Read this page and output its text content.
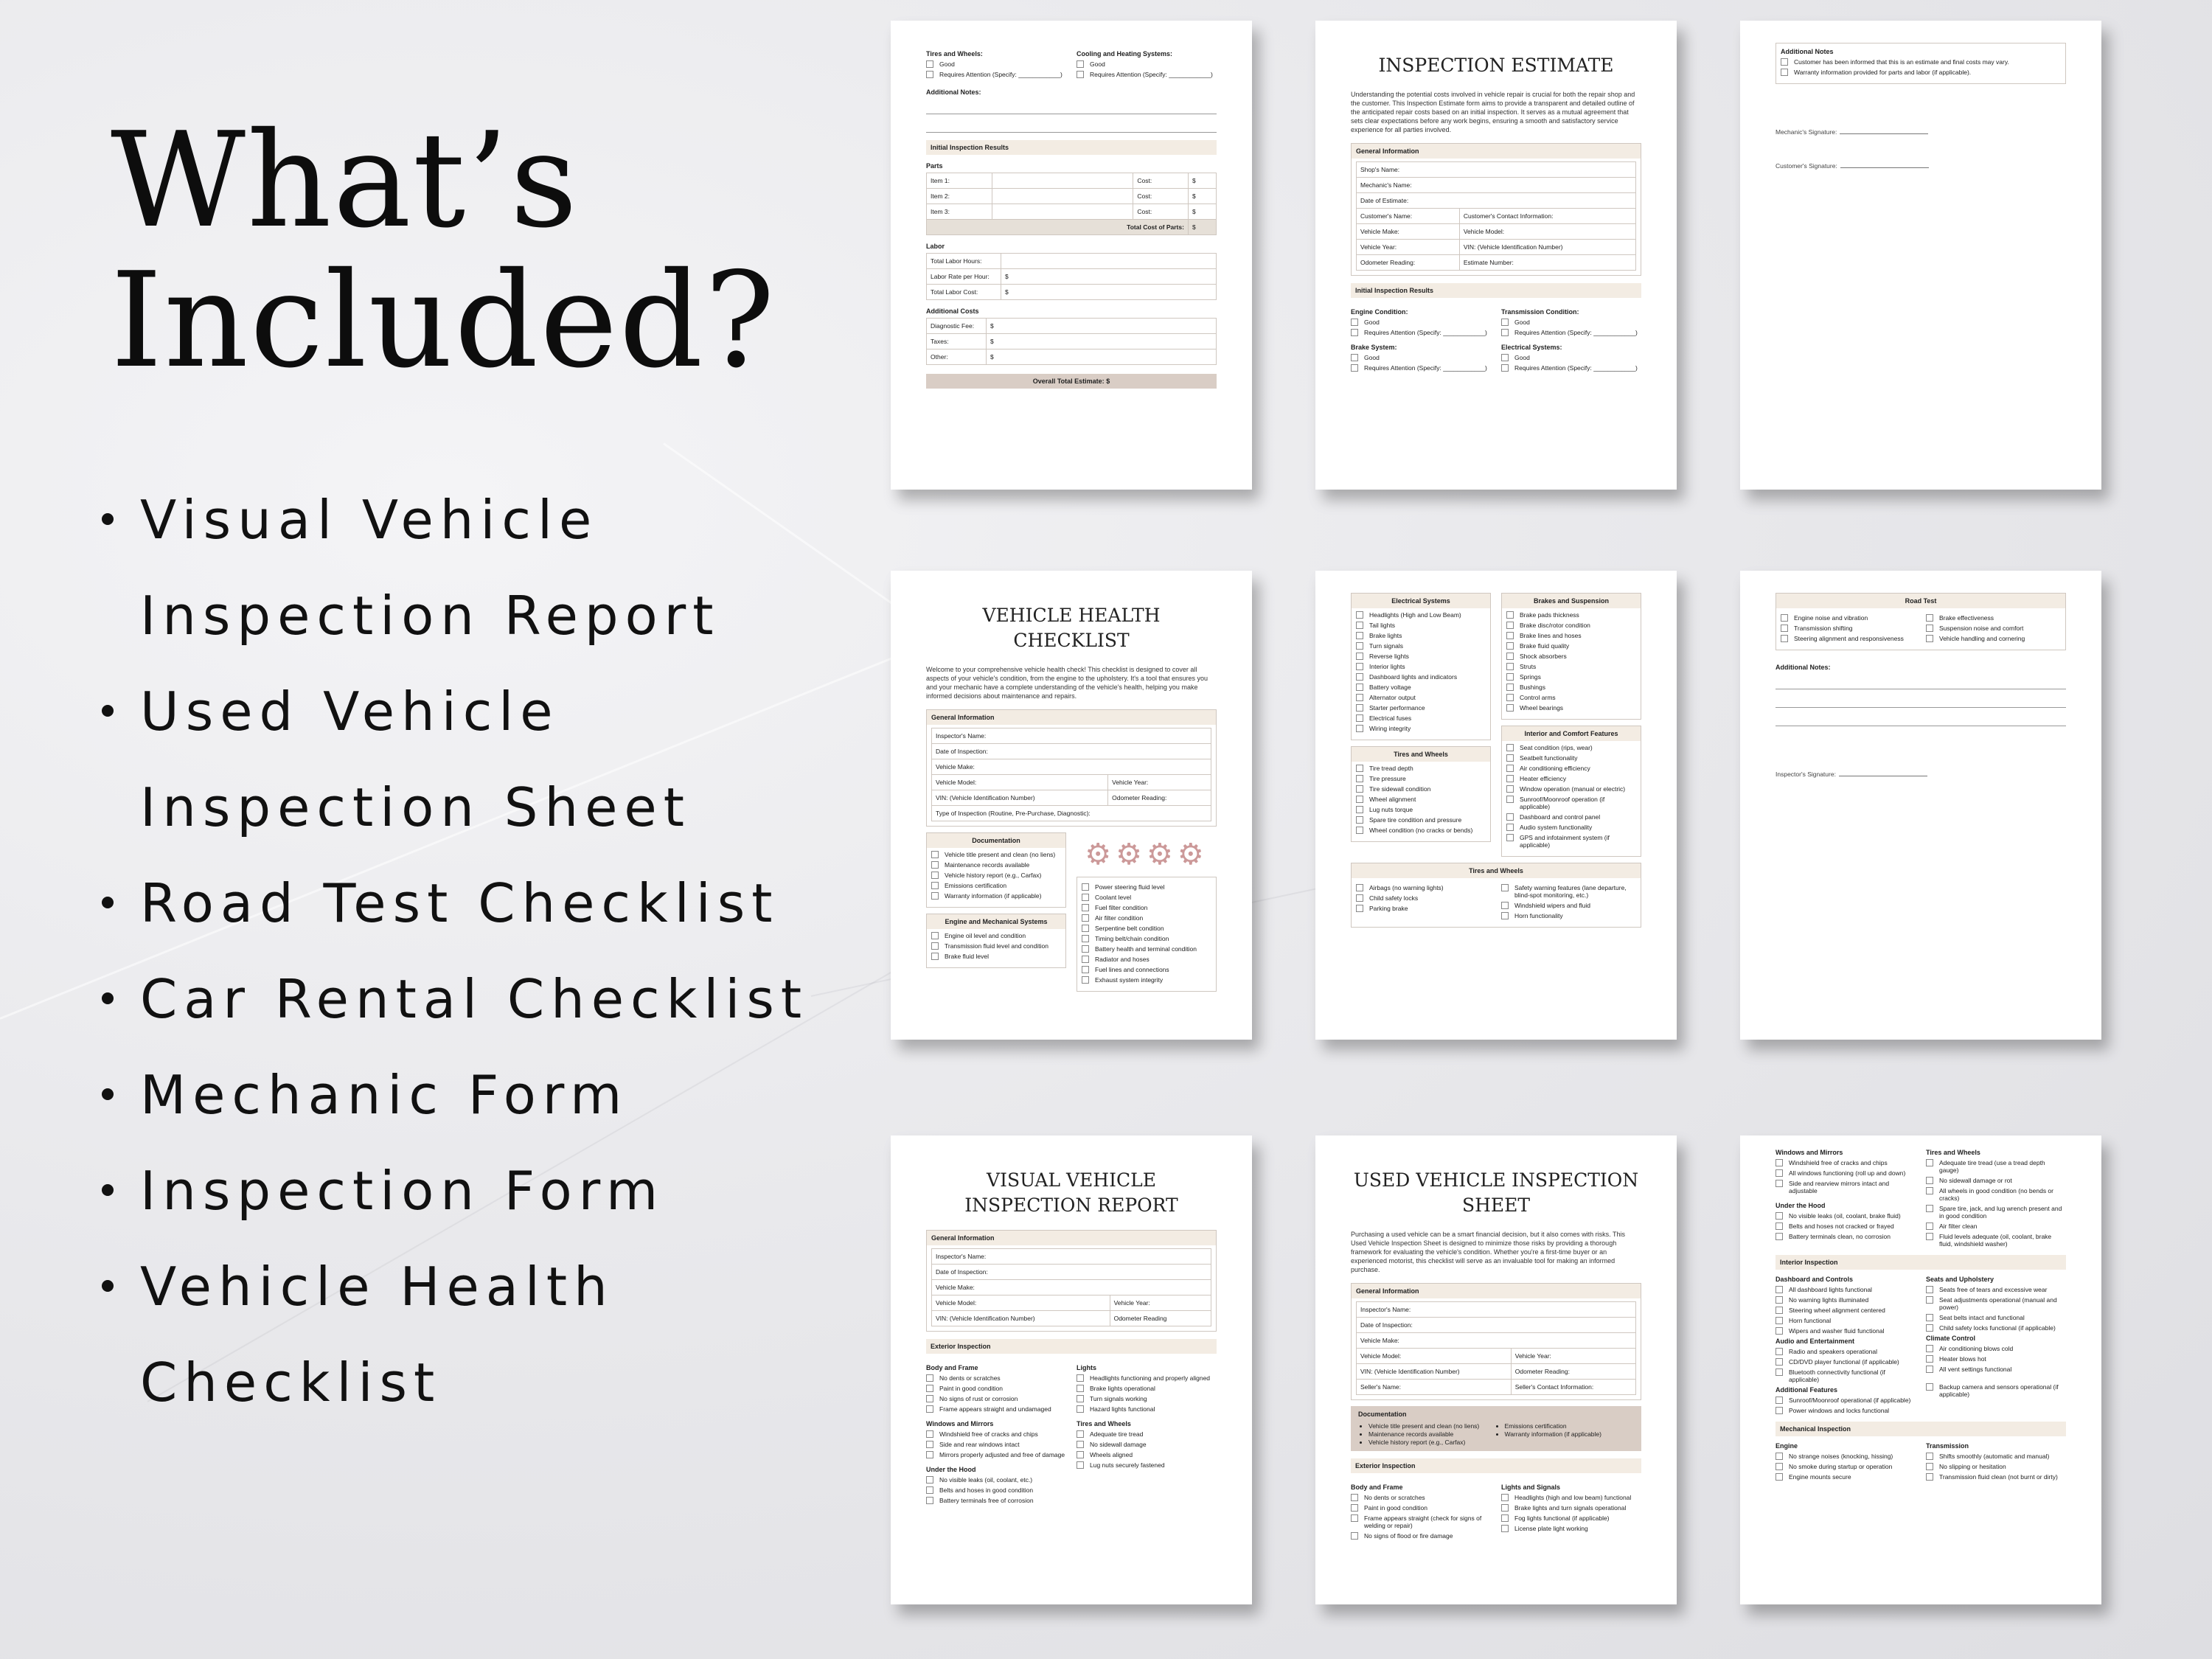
What’s
Included?
Visual Vehicle Inspection Report
Used Vehicle Inspection Sheet
Road Test Checklist
Car Rental Checklist
Mechanic Form
Inspection Form
Vehicle Health Checklist
Tires and Wheels:
Good
Requires Attention (Specify: ____________)
Cooling and Heating Systems:
Good
Requires Attention (Specify: ____________)
Additional Notes:
Initial Inspection Results
Parts
Item 1:		Cost:	$
Item 2:		Cost:	$
Item 3:		Cost:	$
Total Cost of Parts:			$
Labor
Total Labor Hours:	
Labor Rate per Hour:	$
Total Labor Cost:	$
Additional Costs
Diagnostic Fee:	$
Taxes:	$
Other:	$
Overall Total Estimate: $
INSPECTION ESTIMATE

Understanding the potential costs involved in vehicle repair is crucial for both the repair shop and the customer. This Inspection Estimate form aims to provide a transparent and detailed outline of the anticipated repair costs based on an initial inspection. It serves as a mutual agreement that sets clear expectations before any work begins, ensuring a smooth and satisfactory service experience for all parties involved.

General Information
Shop's Name:	
Mechanic's Name:	
Date of Estimate:	
Customer's Name:	Customer's Contact Information:
Vehicle Make:	Vehicle Model:
Vehicle Year:	VIN: (Vehicle Identification Number)
Odometer Reading:	Estimate Number:
Initial Inspection Results
Engine Condition:
Good
Requires Attention (Specify: ____________)
Brake System:
Good
Requires Attention (Specify: ____________)
Transmission Condition:
Good
Requires Attention (Specify: ____________)
Electrical Systems:
Good
Requires Attention (Specify: ____________)
Additional Notes
Customer has been informed that this is an estimate and final costs may vary.
Warranty information provided for parts and labor (if applicable).
Mechanic's Signature:
Customer's Signature:
VEHICLE HEALTH CHECKLIST

Welcome to your comprehensive vehicle health check! This checklist is designed to cover all aspects of your vehicle's condition, from the engine to the upholstery. It's a tool that ensures you and your mechanic have a complete understanding of the vehicle's health, helping you make informed decisions about maintenance and repairs.

General Information
Inspector's Name:	
Date of Inspection:	
Vehicle Make:	
Vehicle Model:	Vehicle Year:
VIN: (Vehicle Identification Number)	Odometer Reading:
Type of Inspection (Routine, Pre-Purchase, Diagnostic):	
Documentation
Vehicle title present and clean (no liens)
Maintenance records available
Vehicle history report (e.g., Carfax)
Emissions certification
Warranty information (if applicable)
Engine and Mechanical Systems
Engine oil level and condition
Transmission fluid level and condition
Brake fluid level
⚙⚙⚙⚙
Power steering fluid level
Coolant level
Fuel filter condition
Air filter condition
Serpentine belt condition
Timing belt/chain condition
Battery health and terminal condition
Radiator and hoses
Fuel lines and connections
Exhaust system integrity
Electrical Systems
Headlights (High and Low Beam)
Tail lights
Brake lights
Turn signals
Reverse lights
Interior lights
Dashboard lights and indicators
Battery voltage
Alternator output
Starter performance
Electrical fuses
Wiring integrity
Tires and Wheels
Tire tread depth
Tire pressure
Tire sidewall condition
Wheel alignment
Lug nuts torque
Spare tire condition and pressure
Wheel condition (no cracks or bends)
Brakes and Suspension
Brake pads thickness
Brake disc/rotor condition
Brake lines and hoses
Brake fluid quality
Shock absorbers
Struts
Springs
Bushings
Control arms
Wheel bearings
Interior and Comfort Features
Seat condition (rips, wear)
Seatbelt functionality
Air conditioning efficiency
Heater efficiency
Window operation (manual or electric)
Sunroof/Moonroof operation (if applicable)
Dashboard and control panel
Audio system functionality
GPS and infotainment system (if applicable)
Tires and Wheels
Airbags (no warning lights)
Child safety locks
Parking brake
Safety warning features (lane departure, blind-spot monitoring, etc.)
Windshield wipers and fluid
Horn functionality
Road Test
Engine noise and vibration
Transmission shifting
Steering alignment and responsiveness
Brake effectiveness
Suspension noise and comfort
Vehicle handling and cornering
Additional Notes:
Inspector's Signature:
VISUAL VEHICLE INSPECTION REPORT
General Information
Inspector's Name:	
Date of Inspection:	
Vehicle Make:	
Vehicle Model:	Vehicle Year:
VIN: (Vehicle Identification Number)	Odometer Reading
Exterior Inspection
Body and Frame
No dents or scratches
Paint in good condition
No signs of rust or corrosion
Frame appears straight and undamaged
Windows and Mirrors
Windshield free of cracks and chips
Side and rear windows intact
Mirrors properly adjusted and free of damage
Under the Hood
No visible leaks (oil, coolant, etc.)
Belts and hoses in good condition
Battery terminals free of corrosion
Lights
Headlights functioning and properly aligned
Brake lights operational
Turn signals working
Hazard lights functional
Tires and Wheels
Adequate tire tread
No sidewall damage
Wheels aligned
Lug nuts securely fastened
USED VEHICLE INSPECTION SHEET

Purchasing a used vehicle can be a smart financial decision, but it also comes with risks. This Used Vehicle Inspection Sheet is designed to minimize those risks by providing a thorough framework for evaluating the vehicle's condition. Whether you're a first-time buyer or an experienced motorist, this checklist will serve as an invaluable tool for making an informed purchase.

General Information
Inspector's Name:	
Date of Inspection:	
Vehicle Make:	
Vehicle Model:	Vehicle Year:
VIN: (Vehicle Identification Number)	Odometer Reading:
Seller's Name:	Seller's Contact Information:
Documentation
• Vehicle title present and clean (no liens)
• Maintenance records available
• Vehicle history report (e.g., Carfax)
• Emissions certification
• Warranty information (if applicable)
Exterior Inspection
Body and Frame
No dents or scratches
Paint in good condition
Frame appears straight (check for signs of welding or repair)
No signs of flood or fire damage
Lights and Signals
Headlights (high and low beam) functional
Brake lights and turn signals operational
Fog lights functional (if applicable)
License plate light working
Windows and Mirrors
Windshield free of cracks and chips
All windows functioning (roll up and down)
Side and rearview mirrors intact and adjustable
Under the Hood
No visible leaks (oil, coolant, brake fluid)
Belts and hoses not cracked or frayed
Battery terminals clean, no corrosion
Tires and Wheels
Adequate tire tread (use a tread depth gauge)
No sidewall damage or rot
All wheels in good condition (no bends or cracks)
Spare tire, jack, and lug wrench present and in good condition
Air filter clean
Fluid levels adequate (oil, coolant, brake fluid, windshield washer)
Interior Inspection
Dashboard and Controls
All dashboard lights functional
No warning lights illuminated
Steering wheel alignment centered
Horn functional
Wipers and washer fluid functional
Audio and Entertainment
Radio and speakers operational
CD/DVD player functional (if applicable)
Bluetooth connectivity functional (if applicable)
Additional Features
Sunroof/Moonroof operational (if applicable)
Power windows and locks functional
Seats and Upholstery
Seats free of tears and excessive wear
Seat adjustments operational (manual and power)
Seat belts intact and functional
Child safety locks functional (if applicable)
Climate Control
Air conditioning blows cold
Heater blows hot
All vent settings functional
Backup camera and sensors operational (if applicable)
Mechanical Inspection
Engine
No strange noises (knocking, hissing)
No smoke during startup or operation
Engine mounts secure
Transmission
Shifts smoothly (automatic and manual)
No slipping or hesitation
Transmission fluid clean (not burnt or dirty)
